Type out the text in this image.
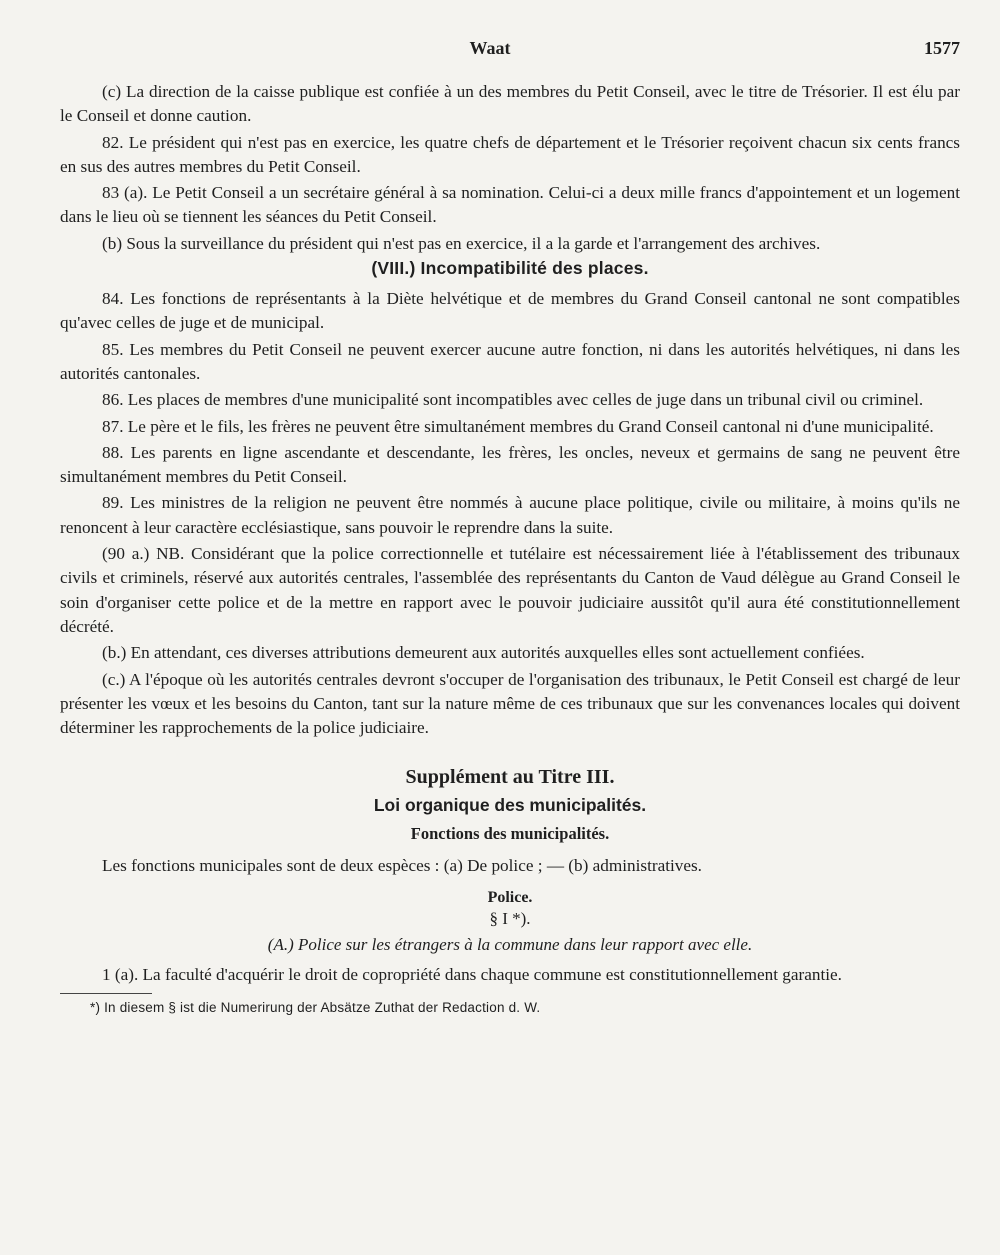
Waat	1577

(c) La direction de la caisse publique est confiée à un des membres du Petit Conseil, avec le titre de Trésorier. Il est élu par le Conseil et donne caution.

82. Le président qui n'est pas en exercice, les quatre chefs de département et le Trésorier reçoivent chacun six cents francs en sus des autres membres du Petit Conseil.

83 (a). Le Petit Conseil a un secrétaire général à sa nomination. Celui-ci a deux mille francs d'appointement et un logement dans le lieu où se tiennent les séances du Petit Conseil.

(b) Sous la surveillance du président qui n'est pas en exercice, il a la garde et l'arrangement des archives.

(VIII.) Incompatibilité des places.

84. Les fonctions de représentants à la Diète helvétique et de membres du Grand Conseil cantonal ne sont compatibles qu'avec celles de juge et de municipal.

85. Les membres du Petit Conseil ne peuvent exercer aucune autre fonction, ni dans les autorités helvétiques, ni dans les autorités cantonales.

86. Les places de membres d'une municipalité sont incompatibles avec celles de juge dans un tribunal civil ou criminel.

87. Le père et le fils, les frères ne peuvent être simultanément membres du Grand Conseil cantonal ni d'une municipalité.

88. Les parents en ligne ascendante et descendante, les frères, les oncles, neveux et germains de sang ne peuvent être simultanément membres du Petit Conseil.

89. Les ministres de la religion ne peuvent être nommés à aucune place politique, civile ou militaire, à moins qu'ils ne renoncent à leur caractère ecclésiastique, sans pouvoir le reprendre dans la suite.

(90 a.) NB. Considérant que la police correctionnelle et tutélaire est nécessairement liée à l'établissement des tribunaux civils et criminels, réservé aux autorités centrales, l'assemblée des représentants du Canton de Vaud délègue au Grand Conseil le soin d'organiser cette police et de la mettre en rapport avec le pouvoir judiciaire aussitôt qu'il aura été constitutionnellement décrété.

(b.) En attendant, ces diverses attributions demeurent aux autorités auxquelles elles sont actuellement confiées.

(c.) A l'époque où les autorités centrales devront s'occuper de l'organisation des tribunaux, le Petit Conseil est chargé de leur présenter les vœux et les besoins du Canton, tant sur la nature même de ces tribunaux que sur les convenances locales qui doivent déterminer les rapprochements de la police judiciaire.

Supplément au Titre III.
Loi organique des municipalités.
Fonctions des municipalités.

Les fonctions municipales sont de deux espèces : (a) De police ; — (b) administratives.

Police.
§ I *).
(A.) Police sur les étrangers à la commune dans leur rapport avec elle.

1 (a). La faculté d'acquérir le droit de copropriété dans chaque commune est constitutionnellement garantie.

*) In diesem § ist die Numerirung der Absätze Zuthat der Redaction d. W.
